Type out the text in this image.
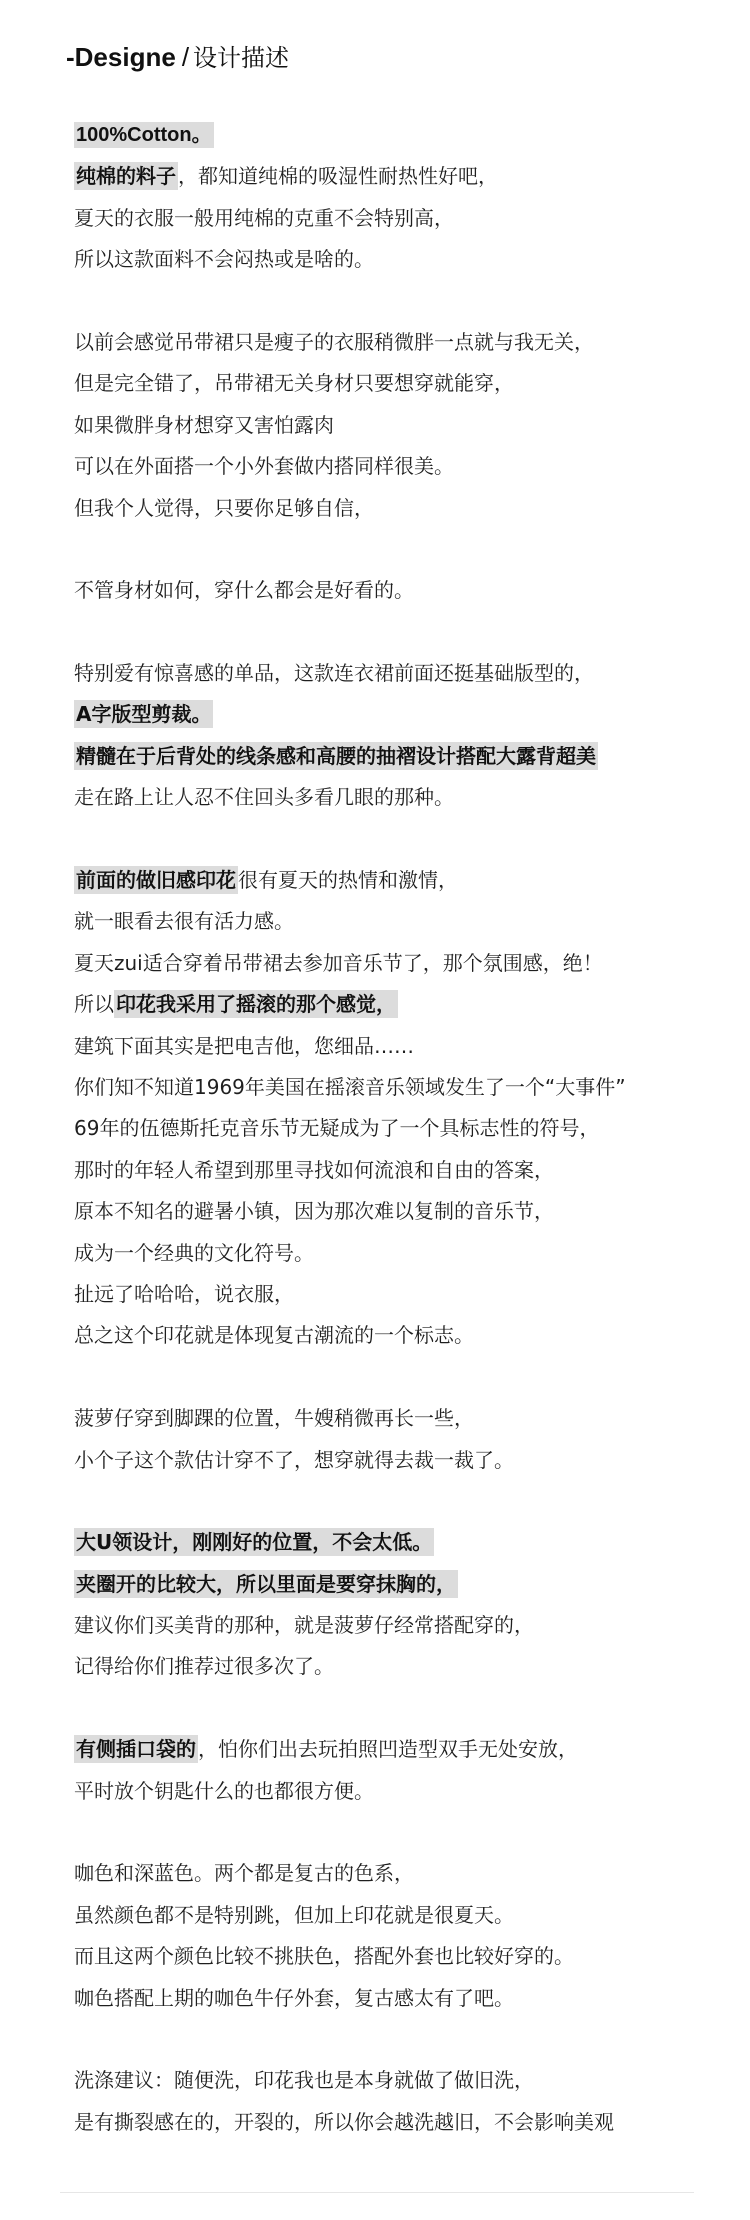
-Designe / 设计描述
100%Cotton。
纯棉的料子 ，都知道纯棉的吸湿性耐热性好吧，
夏天的衣服一般用纯棉的克重不会特别高，
所以这款面料不会闷热或是啥的。
以前会感觉吊带裙只是瘦子的衣服稍微胖一点就与我无关，
但是完全错了，吊带裙无关身材只要想穿就能穿，
如果微胖身材想穿又害怕露肉
可以在外面搭一个小外套做内搭同样很美。
但我个人觉得，只要你足够自信，
不管身材如何，穿什么都会是好看的。
特别爱有惊喜感的单品，这款连衣裙前面还挺基础版型的，
A字版型剪裁。
精髓在于后背处的线条感和高腰的抽褶设计搭配大露背超美
走在路上让人忍不住回头多看几眼的那种。
前面的做旧感印花 很有夏天的热情和激情，
就一眼看去很有活力感。
夏天zui适合穿着吊带裙去参加音乐节了，那个氛围感，绝！
所以 印花我采用了摇滚的那个感觉，
建筑下面其实是把电吉他，您细品……
你们知不知道1969年美国在摇滚音乐领域发生了一个“大事件”
69年的伍德斯托克音乐节无疑成为了一个具标志性的符号，
那时的年轻人希望到那里寻找如何流浪和自由的答案，
原本不知名的避暑小镇，因为那次难以复制的音乐节，
成为一个经典的文化符号。
扯远了哈哈哈，说衣服，
总之这个印花就是体现复古潮流的一个标志。
菠萝仔穿到脚踝的位置，牛嫂稍微再长一些，
小个子这个款估计穿不了，想穿就得去裁一裁了。
大U领设计，刚刚好的位置，不会太低。
夹圈开的比较大，所以里面是要穿抹胸的，
建议你们买美背的那种，就是菠萝仔经常搭配穿的，
记得给你们推荐过很多次了。
有侧插口袋的 ，怕你们出去玩拍照凹造型双手无处安放，
平时放个钥匙什么的也都很方便。
咖色和深蓝色。两个都是复古的色系，
虽然颜色都不是特别跳，但加上印花就是很夏天。
而且这两个颜色比较不挑肤色，搭配外套也比较好穿的。
咖色搭配上期的咖色牛仔外套，复古感太有了吧。
洗涤建议：随便洗，印花我也是本身就做了做旧洗，
是有撕裂感在的，开裂的，所以你会越洗越旧，不会影响美观
